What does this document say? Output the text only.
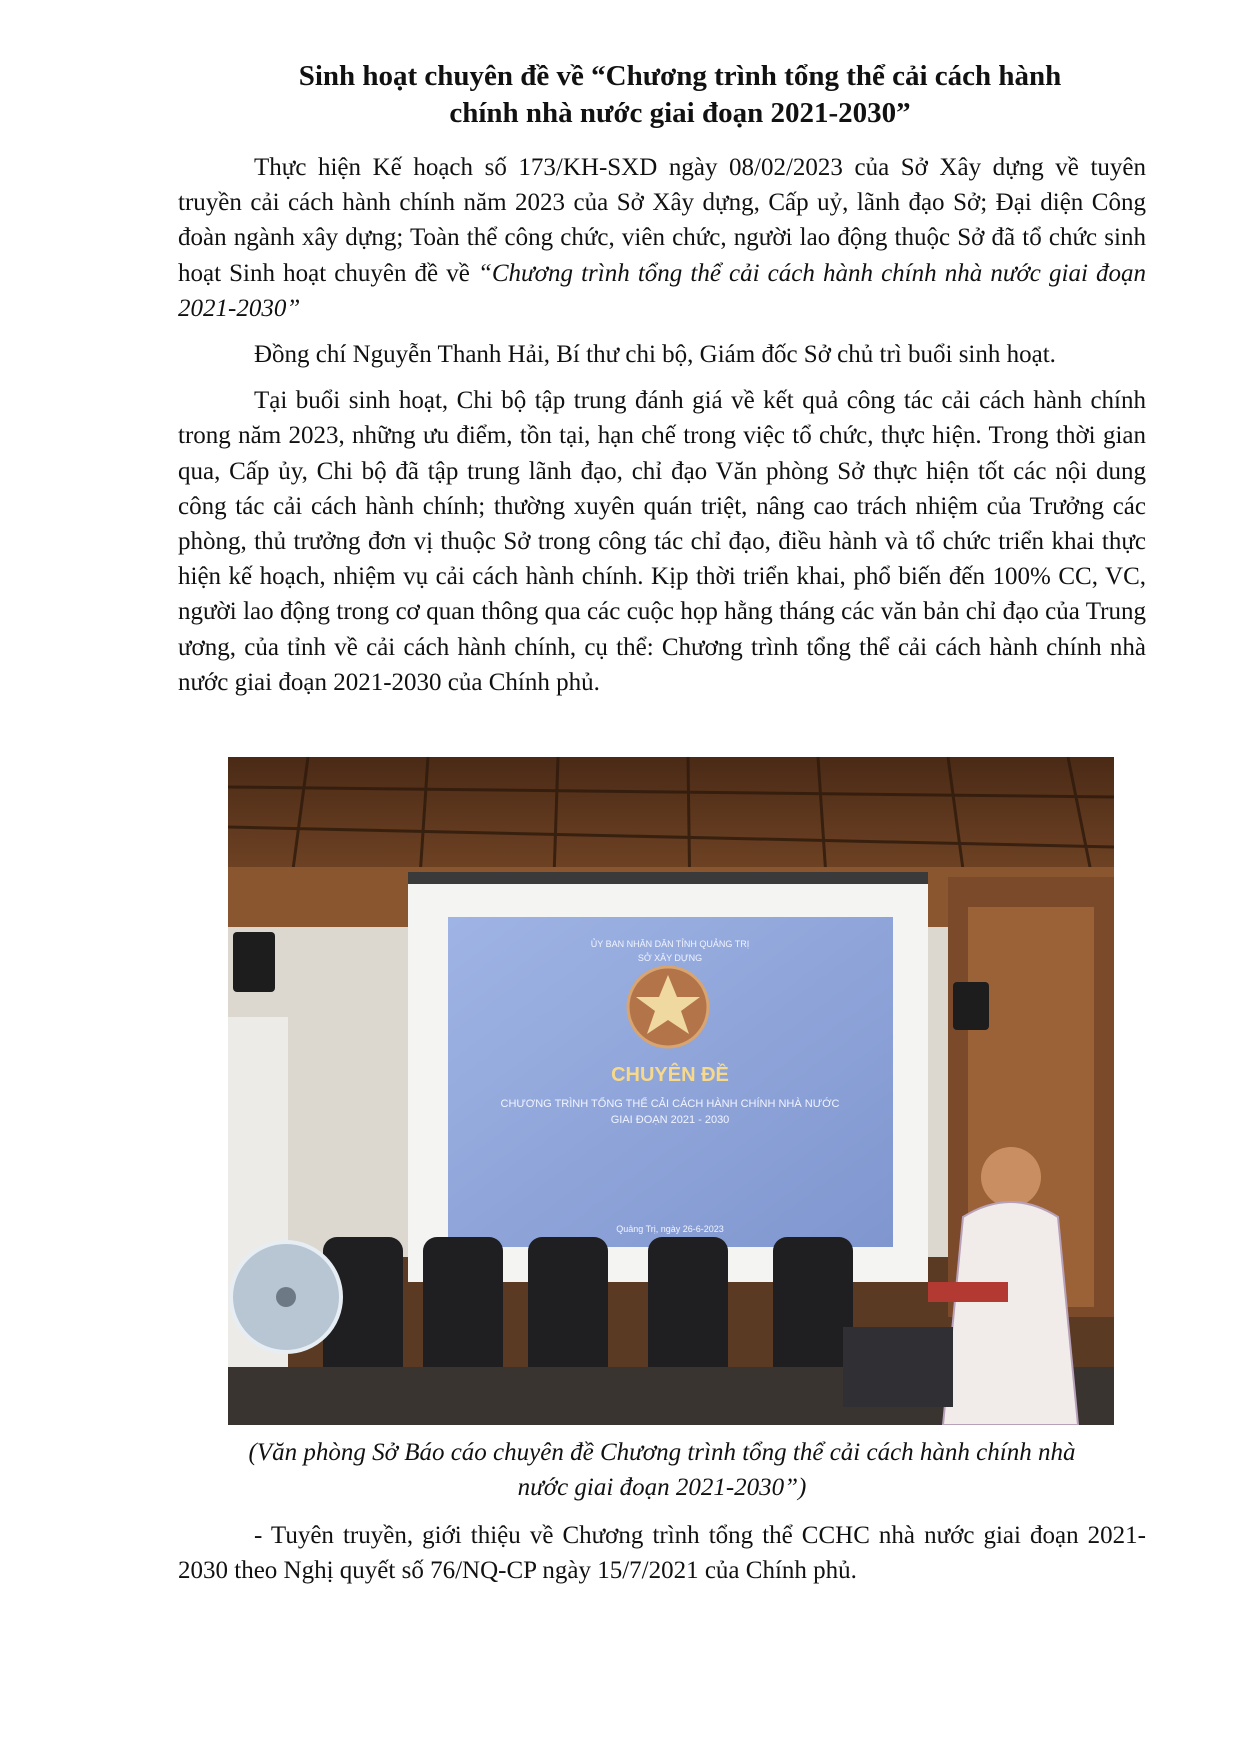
Sinh hoạt chuyên đề về “Chương trình tổng thể cải cách hành
chính nhà nước giai đoạn 2021-2030”

Thực hiện Kế hoạch số 173/KH-SXD ngày 08/02/2023 của Sở Xây dựng về tuyên truyền cải cách hành chính năm 2023 của Sở Xây dựng, Cấp uỷ, lãnh đạo Sở; Đại diện Công đoàn ngành xây dựng; Toàn thể công chức, viên chức, người lao động thuộc Sở đã tổ chức sinh hoạt Sinh hoạt chuyên đề về “Chương trình tổng thể cải cách hành chính nhà nước giai đoạn 2021-2030”

Đồng chí Nguyễn Thanh Hải, Bí thư chi bộ, Giám đốc Sở chủ trì buổi sinh hoạt.

Tại buổi sinh hoạt, Chi bộ tập trung đánh giá về kết quả công tác cải cách hành chính trong năm 2023, những ưu điểm, tồn tại, hạn chế trong việc tổ chức, thực hiện. Trong thời gian qua, Cấp ủy, Chi bộ đã tập trung lãnh đạo, chỉ đạo Văn phòng Sở thực hiện tốt các nội dung công tác cải cách hành chính; thường xuyên quán triệt, nâng cao trách nhiệm của Trưởng các phòng, thủ trưởng đơn vị thuộc Sở trong công tác chỉ đạo, điều hành và tổ chức triển khai thực hiện kế hoạch, nhiệm vụ cải cách hành chính. Kịp thời triển khai, phổ biến đến 100% CC, VC, người lao động trong cơ quan thông qua các cuộc họp hằng tháng các văn bản chỉ đạo của Trung ương, của tỉnh về cải cách hành chính, cụ thể: Chương trình tổng thể cải cách hành chính nhà nước giai đoạn 2021-2030 của Chính phủ.

ỦY BAN NHÂN DÂN TỈNH QUẢNG TRỊ
SỞ XÂY DỰNG
CHUYÊN ĐỀ
CHƯƠNG TRÌNH TỔNG THỂ CẢI CÁCH HÀNH CHÍNH NHÀ NƯỚC
GIAI ĐOẠN 2021 - 2030
Quảng Trị, ngày 26-6-2023
(Văn phòng Sở Báo cáo chuyên đề Chương trình tổng thể cải cách hành chính nhà
nước giai đoạn 2021-2030”)

- Tuyên truyền, giới thiệu về Chương trình tổng thể CCHC nhà nước giai đoạn 2021-2030 theo Nghị quyết số 76/NQ-CP ngày 15/7/2021 của Chính phủ.
